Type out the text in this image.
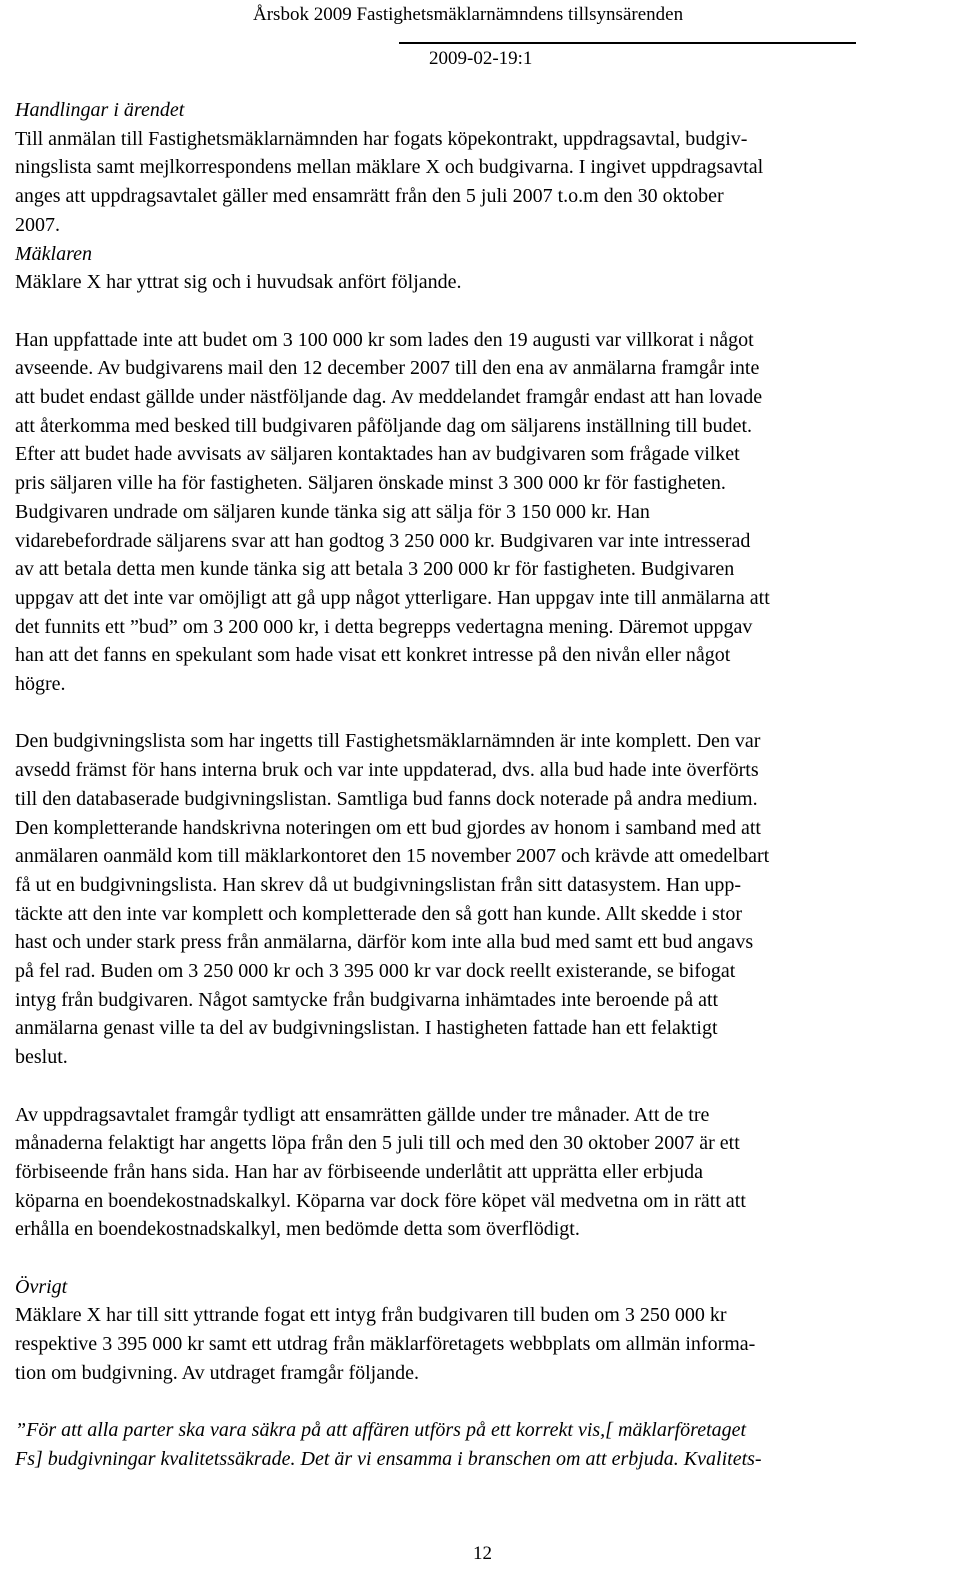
Årsbok 2009 Fastighetsmäklarnämndens tillsynsärenden
2009-02-19:1

Handlingar i ärendet

Till anmälan till Fastighetsmäklarnämnden har fogats köpekontrakt, uppdragsavtal, budgiv-

ningslista samt mejlkorrespondens mellan mäklare X och budgivarna. I ingivet uppdragsavtal

anges att uppdragsavtalet gäller med ensamrätt från den 5 juli 2007 t.o.m den 30 oktober

2007.

Mäklaren

Mäklare X har yttrat sig och i huvudsak anfört följande.

Han uppfattade inte att budet om 3 100 000 kr som lades den 19 augusti var villkorat i något

avseende. Av budgivarens mail den 12 december 2007 till den ena av anmälarna framgår inte

att budet endast gällde under nästföljande dag. Av meddelandet framgår endast att han lovade

att återkomma med besked till budgivaren påföljande dag om säljarens inställning till budet.

Efter att budet hade avvisats av säljaren kontaktades han av budgivaren som frågade vilket

pris säljaren ville ha för fastigheten. Säljaren önskade minst 3 300 000 kr för fastigheten.

Budgivaren undrade om säljaren kunde tänka sig att sälja för 3 150 000 kr. Han

vidarebefordrade säljarens svar att han godtog 3 250 000 kr. Budgivaren var inte intresserad

av att betala detta men kunde tänka sig att betala 3 200 000 kr för fastigheten. Budgivaren

uppgav att det inte var omöjligt att gå upp något ytterligare. Han uppgav inte till anmälarna att

det funnits ett ”bud” om 3 200 000 kr, i detta begrepps vedertagna mening. Däremot uppgav

han att det fanns en spekulant som hade visat ett konkret intresse på den nivån eller något

högre.

Den budgivningslista som har ingetts till Fastighetsmäklarnämnden är inte komplett. Den var

avsedd främst för hans interna bruk och var inte uppdaterad, dvs. alla bud hade inte överförts

till den databaserade budgivningslistan. Samtliga bud fanns dock noterade på andra medium.

Den kompletterande handskrivna noteringen om ett bud gjordes av honom i samband med att

anmälaren oanmäld kom till mäklarkontoret den 15 november 2007 och krävde att omedelbart

få ut en budgivningslista. Han skrev då ut budgivningslistan från sitt datasystem. Han upp-

täckte att den inte var komplett och kompletterade den så gott han kunde. Allt skedde i stor

hast och under stark press från anmälarna, därför kom inte alla bud med samt ett bud angavs

på fel rad. Buden om 3 250 000 kr och 3 395 000 kr var dock reellt existerande, se bifogat

intyg från budgivaren. Något samtycke från budgivarna inhämtades inte beroende på att

anmälarna genast ville ta del av budgivningslistan. I hastigheten fattade han ett felaktigt

beslut.

Av uppdragsavtalet framgår tydligt att ensamrätten gällde under tre månader. Att de tre

månaderna felaktigt har angetts löpa från den 5 juli till och med den 30 oktober 2007 är ett

förbiseende från hans sida. Han har av förbiseende underlåtit att upprätta eller erbjuda

köparna en boendekostnadskalkyl. Köparna var dock före köpet väl medvetna om in rätt att

erhålla en boendekostnadskalkyl, men bedömde detta som överflödigt.

Övrigt

Mäklare X har till sitt yttrande fogat ett intyg från budgivaren till buden om 3 250 000 kr

respektive 3 395 000 kr samt ett utdrag från mäklarföretagets webbplats om allmän informa-

tion om budgivning. Av utdraget framgår följande.

”För att alla parter ska vara säkra på att affären utförs på ett korrekt vis,[ mäklarföretaget

Fs] budgivningar kvalitetssäkrade. Det är vi ensamma i branschen om att erbjuda. Kvalitets-

12
